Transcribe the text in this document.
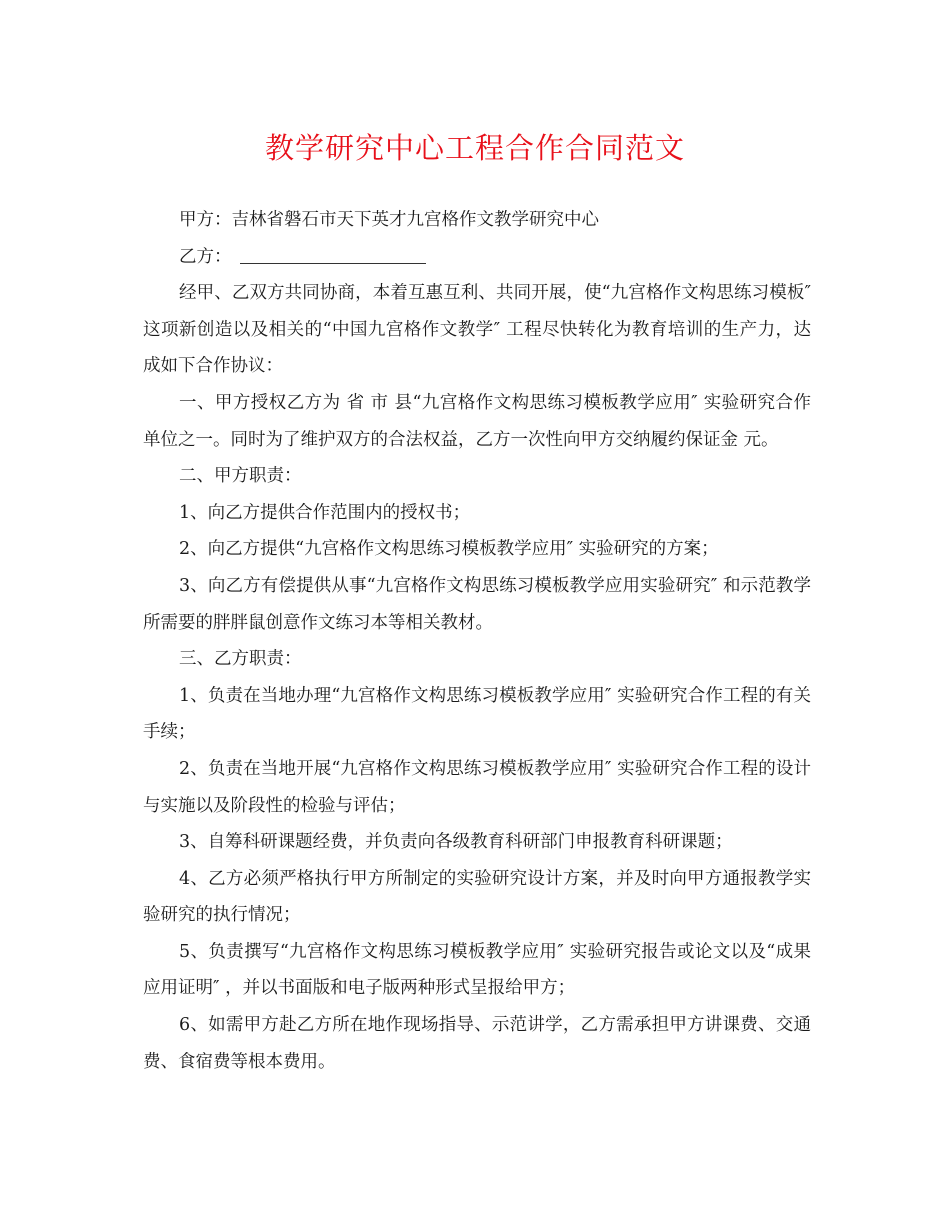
教学研究中心工程合作合同范文

甲方：吉林省磐石市天下英才九宫格作文教学研究中心

乙方：

经甲、乙双方共同协商，本着互惠互利、共同开展，使“九宫格作文构思练习模板″ 这项新创造以及相关的“中国九宫格作文教学″ 工程尽快转化为教育培训的生产力，达成如下合作协议：

一、甲方授权乙方为 省 市 县“九宫格作文构思练习模板教学应用″ 实验研究合作单位之一。同时为了维护双方的合法权益，乙方一次性向甲方交纳履约保证金 元。

二、甲方职责：

1、向乙方提供合作范围内的授权书；

2、向乙方提供“九宫格作文构思练习模板教学应用″ 实验研究的方案；

3、向乙方有偿提供从事“九宫格作文构思练习模板教学应用实验研究″ 和示范教学所需要的胖胖鼠创意作文练习本等相关教材。

三、乙方职责：

1、负责在当地办理“九宫格作文构思练习模板教学应用″ 实验研究合作工程的有关手续；

2、负责在当地开展“九宫格作文构思练习模板教学应用″ 实验研究合作工程的设计与实施以及阶段性的检验与评估；

3、自筹科研课题经费，并负责向各级教育科研部门申报教育科研课题；

4、乙方必须严格执行甲方所制定的实验研究设计方案，并及时向甲方通报教学实验研究的执行情况；

5、负责撰写“九宫格作文构思练习模板教学应用″ 实验研究报告或论文以及“成果应用证明″ ，并以书面版和电子版两种形式呈报给甲方；

6、如需甲方赴乙方所在地作现场指导、示范讲学，乙方需承担甲方讲课费、交通费、食宿费等根本费用。
